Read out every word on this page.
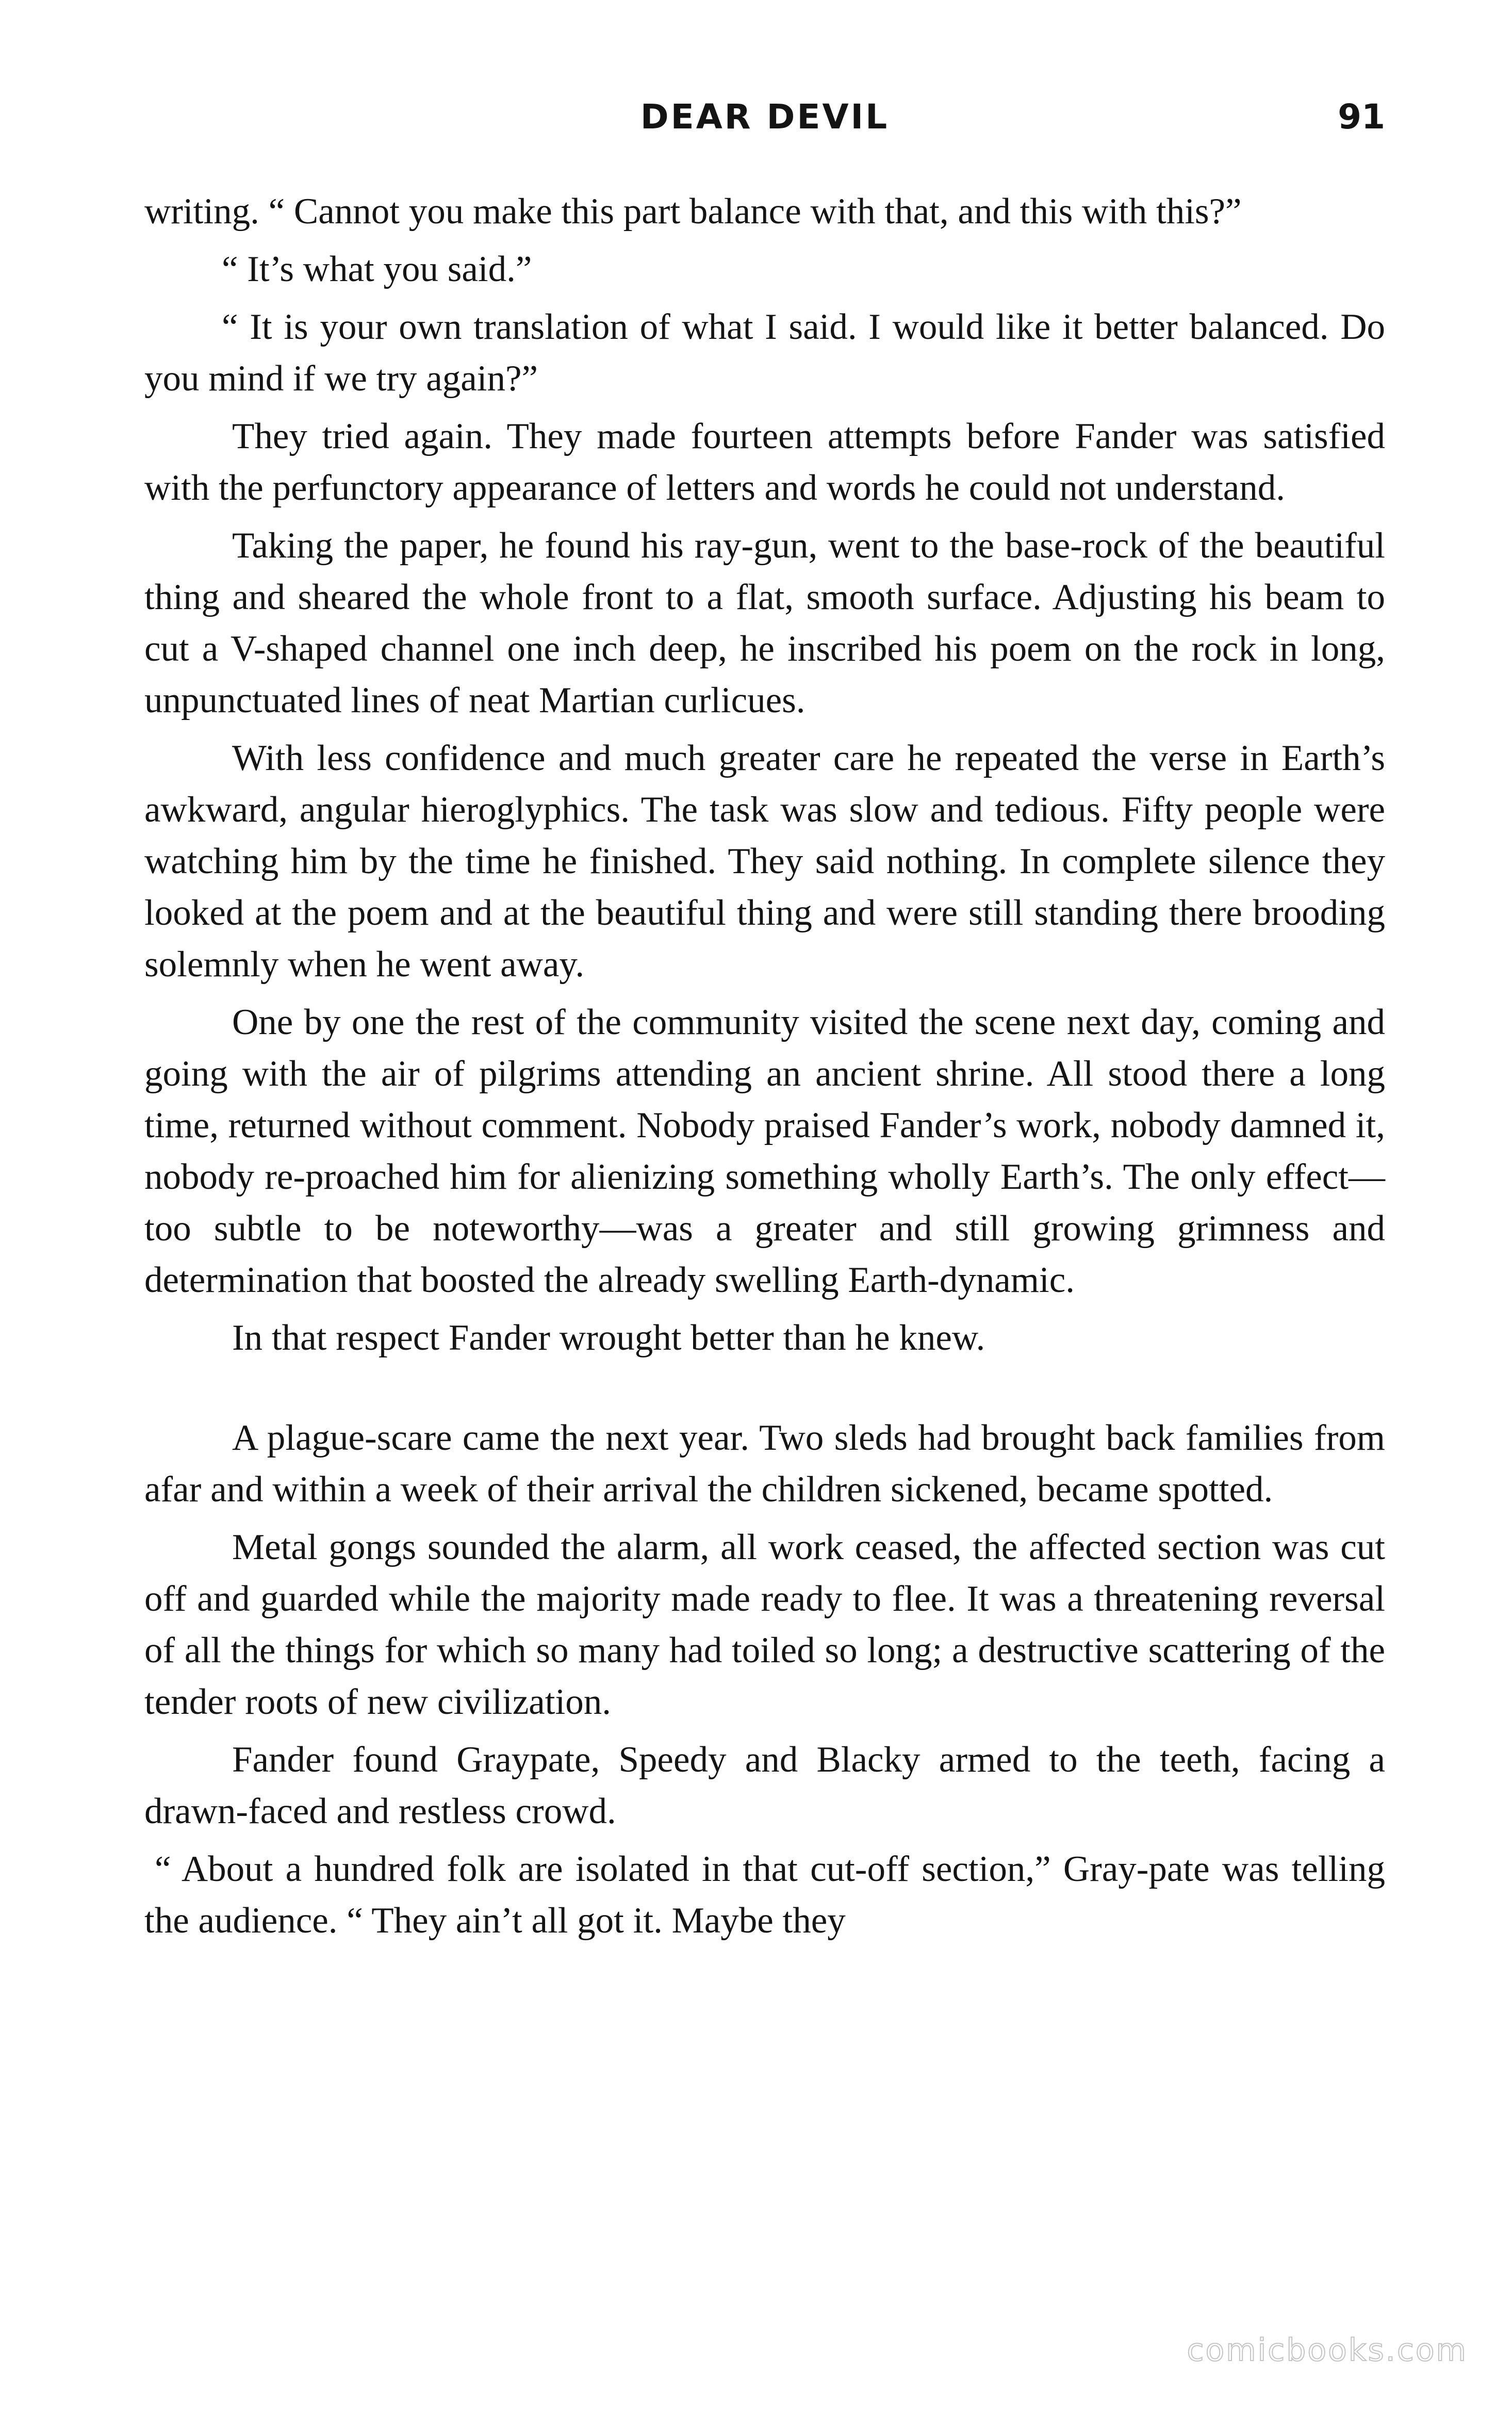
DEAR DEVIL	91

writing. “ Cannot you make this part balance with that, and this with this?”

“ It’s what you said.”

“ It is your own translation of what I said. I would like it better balanced. Do you mind if we try again?”

They tried again. They made fourteen attempts before Fander was satisfied with the perfunctory appearance of letters and words he could not understand.

Taking the paper, he found his ray-gun, went to the base-rock of the beautiful thing and sheared the whole front to a flat, smooth surface. Adjusting his beam to cut a V-shaped channel one inch deep, he inscribed his poem on the rock in long, unpunctuated lines of neat Martian curlicues.

With less confidence and much greater care he repeated the verse in Earth’s awkward, angular hieroglyphics. The task was slow and tedious. Fifty people were watching him by the time he finished. They said nothing. In complete silence they looked at the poem and at the beautiful thing and were still standing there brooding solemnly when he went away.

One by one the rest of the community visited the scene next day, coming and going with the air of pilgrims attending an ancient shrine. All stood there a long time, returned without comment. Nobody praised Fander’s work, nobody damned it, nobody re-proached him for alienizing something wholly Earth’s. The only effect—too subtle to be noteworthy—was a greater and still growing grimness and determination that boosted the already swelling Earth-dynamic.

In that respect Fander wrought better than he knew.

A plague-scare came the next year. Two sleds had brought back families from afar and within a week of their arrival the children sickened, became spotted.

Metal gongs sounded the alarm, all work ceased, the affected section was cut off and guarded while the majority made ready to flee. It was a threatening reversal of all the things for which so many had toiled so long; a destructive scattering of the tender roots of new civilization.

Fander found Graypate, Speedy and Blacky armed to the teeth, facing a drawn-faced and restless crowd.

“ About a hundred folk are isolated in that cut-off section,” Gray-pate was telling the audience. “ They ain’t all got it. Maybe they

comicbooks.com
